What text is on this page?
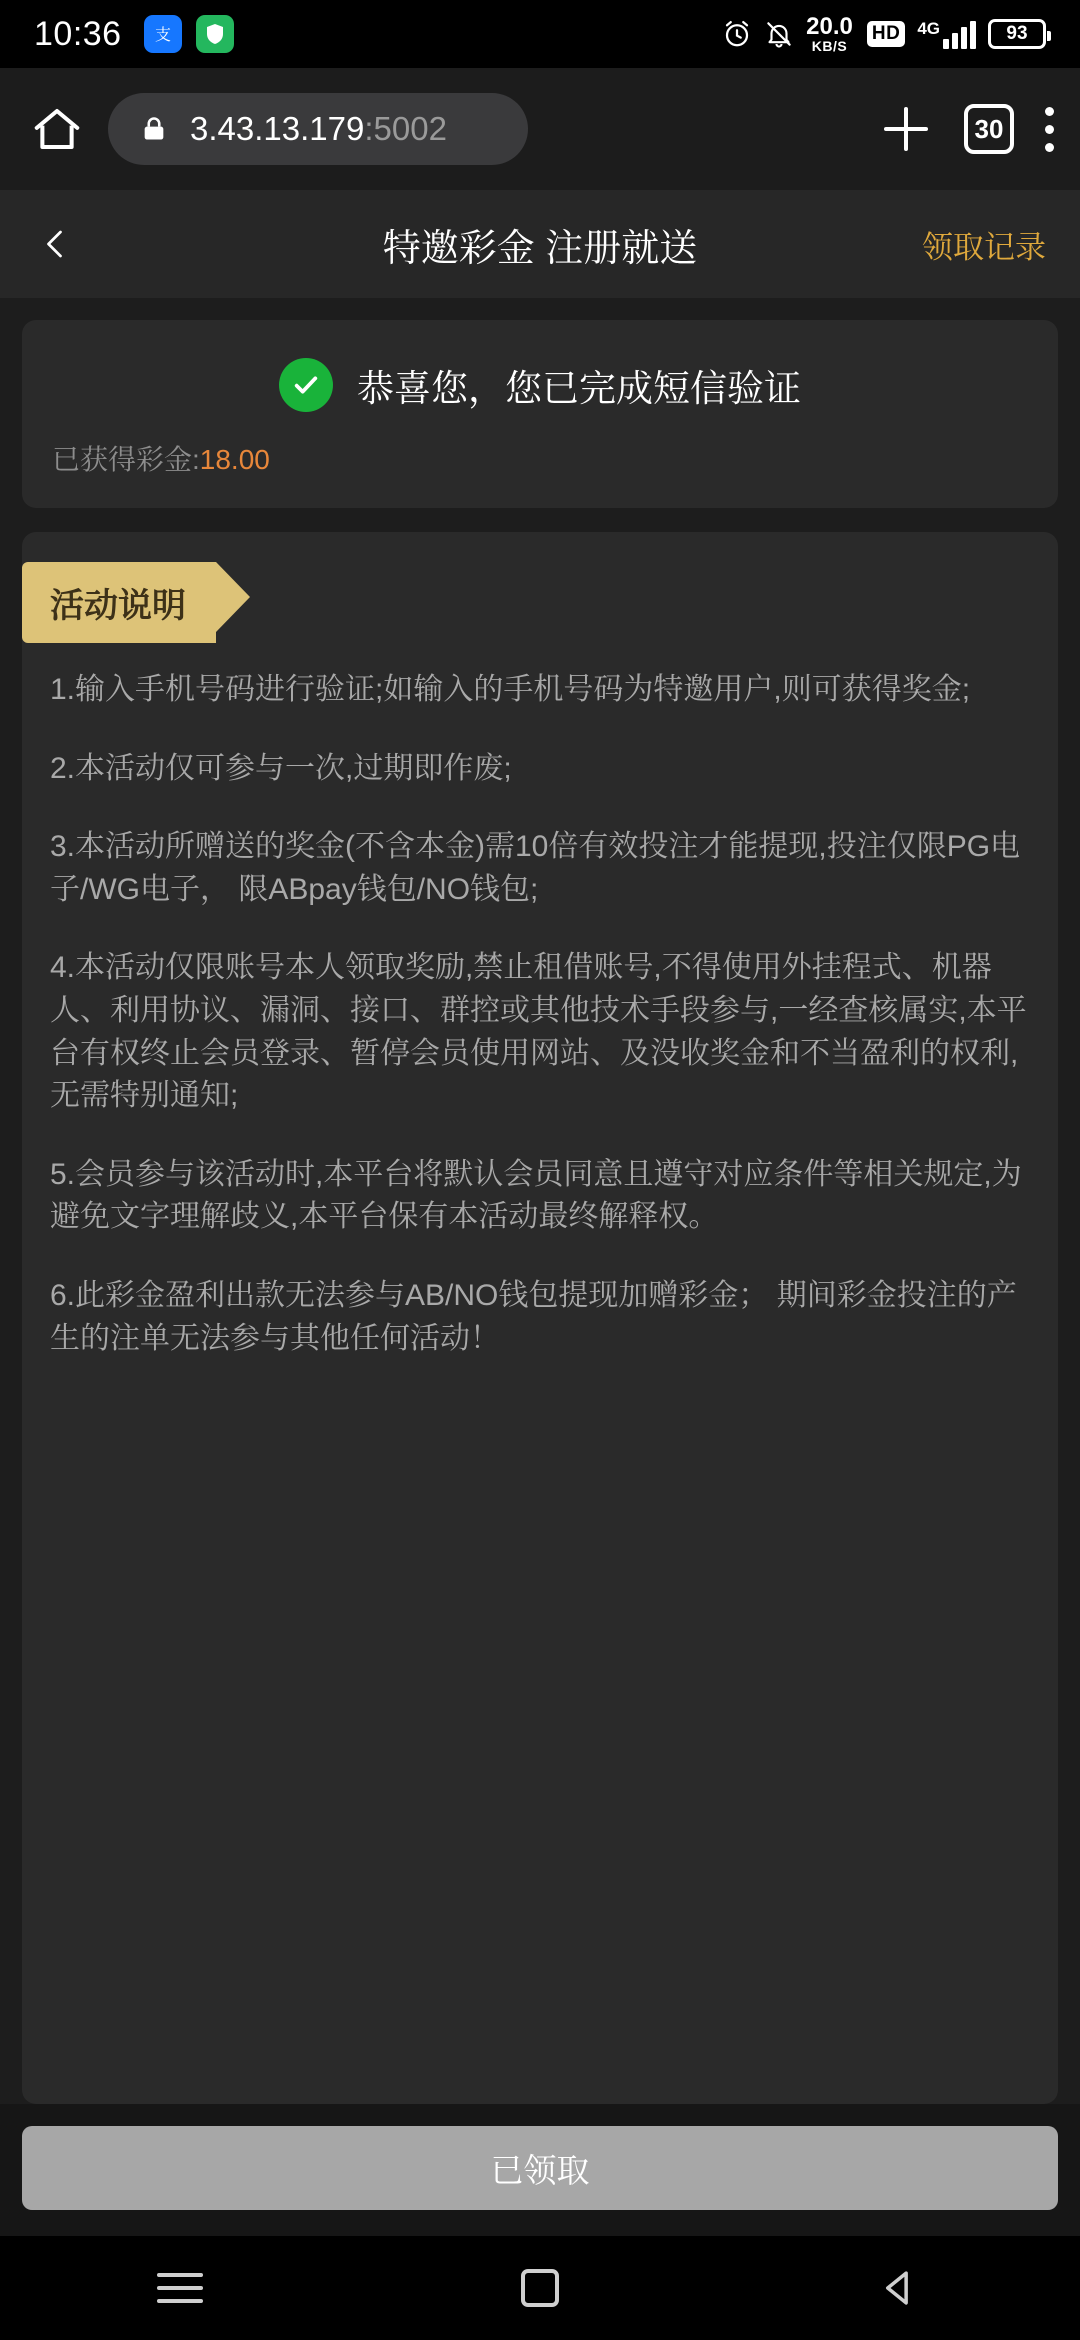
10:36 支	20.0
KB/S
HD 4G	93
3.43.13.179:5002	30
特邀彩金 注册就送	领取记录
恭喜您，您已完成短信验证
已获得彩金:18.00
活动说明

1.输入手机号码进行验证;如输入的手机号码为特邀用户,则可获得奖金;

2.本活动仅可参与一次,过期即作废;

3.本活动所赠送的奖金(不含本金)需10倍有效投注才能提现,投注仅限PG电子/WG电子， 限ABpay钱包/NO钱包;

4.本活动仅限账号本人领取奖励,禁止租借账号,不得使用外挂程式、机器人、利用协议、漏洞、接口、群控或其他技术手段参与,一经查核属实,本平台有权终止会员登录、暂停会员使用网站、及没收奖金和不当盈利的权利, 无需特别通知;

5.会员参与该活动时,本平台将默认会员同意且遵守对应条件等相关规定,为避免文字理解歧义,本平台保有本活动最终解释权。

6.此彩金盈利出款无法参与AB/NO钱包提现加赠彩金； 期间彩金投注的产生的注单无法参与其他任何活动！

已领取
